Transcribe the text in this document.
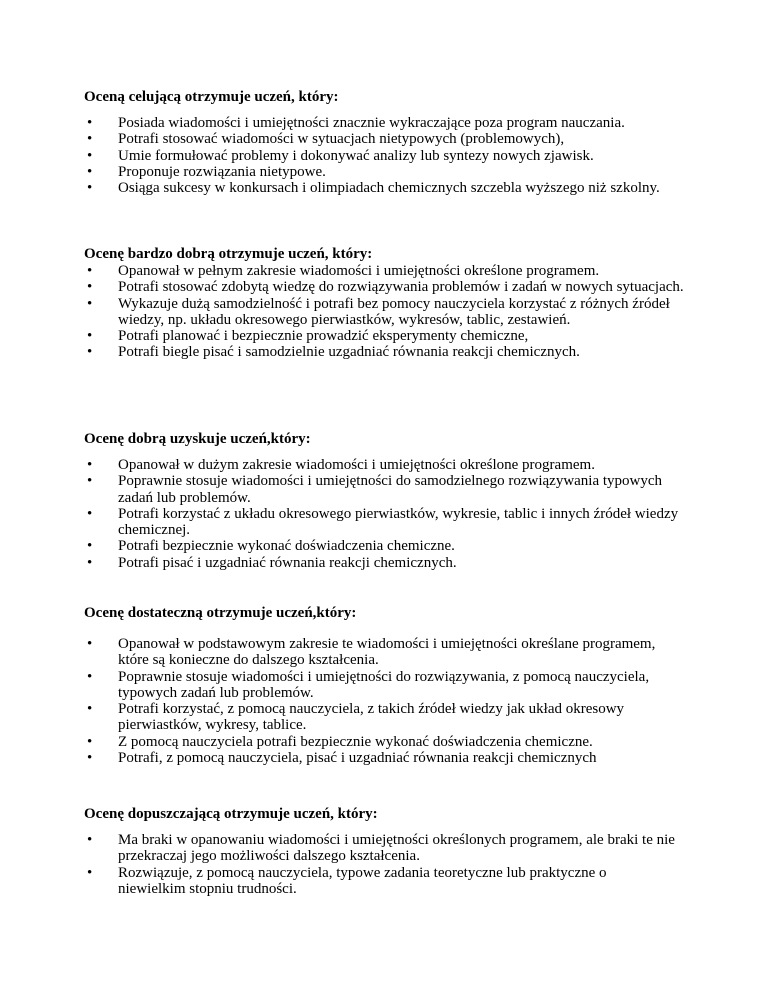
Oceną celującą otrzymuje uczeń, który:

• Posiada wiadomości i umiejętności znacznie wykraczające poza program nauczania.
• Potrafi stosować wiadomości w sytuacjach nietypowych (problemowych),
• Umie formułować problemy i dokonywać analizy lub syntezy nowych zjawisk.
• Proponuje rozwiązania nietypowe.
• Osiąga sukcesy w konkursach i olimpiadach chemicznych szczebla wyższego niż szkolny.

Ocenę bardzo dobrą otrzymuje uczeń, który:

• Opanował w pełnym zakresie wiadomości i umiejętności określone programem.
• Potrafi stosować zdobytą wiedzę do rozwiązywania problemów i zadań w nowych sytuacjach.
• Wykazuje dużą samodzielność i potrafi bez pomocy nauczyciela korzystać z różnych źródeł wiedzy, np. układu okresowego pierwiastków, wykresów, tablic, zestawień.
• Potrafi planować i bezpiecznie prowadzić eksperymenty chemiczne,
• Potrafi biegle pisać i samodzielnie uzgadniać równania reakcji chemicznych.

Ocenę dobrą uzyskuje uczeń,który:

• Opanował w dużym zakresie wiadomości i umiejętności określone programem.
• Poprawnie stosuje wiadomości i umiejętności do samodzielnego rozwiązywania typowych zadań lub problemów.
• Potrafi korzystać z układu okresowego pierwiastków, wykresie, tablic i innych źródeł wiedzy chemicznej.
• Potrafi bezpiecznie wykonać doświadczenia chemiczne.
• Potrafi pisać i uzgadniać równania reakcji chemicznych.

Ocenę dostateczną otrzymuje uczeń,który:

• Opanował w podstawowym zakresie te wiadomości i umiejętności określane programem, które są konieczne do dalszego kształcenia.
• Poprawnie stosuje wiadomości i umiejętności do rozwiązywania, z pomocą nauczyciela, typowych zadań lub problemów.
• Potrafi korzystać, z pomocą nauczyciela, z takich źródeł wiedzy jak układ okresowy pierwiastków, wykresy, tablice.
• Z pomocą nauczyciela potrafi bezpiecznie wykonać doświadczenia chemiczne.
• Potrafi, z pomocą nauczyciela, pisać i uzgadniać równania reakcji chemicznych

Ocenę dopuszczającą otrzymuje uczeń, który:

• Ma braki w opanowaniu wiadomości i umiejętności określonych programem, ale braki te nie przekraczaj jego możliwości dalszego kształcenia.
• Rozwiązuje, z pomocą nauczyciela, typowe zadania teoretyczne lub praktyczne o niewielkim stopniu trudności.
